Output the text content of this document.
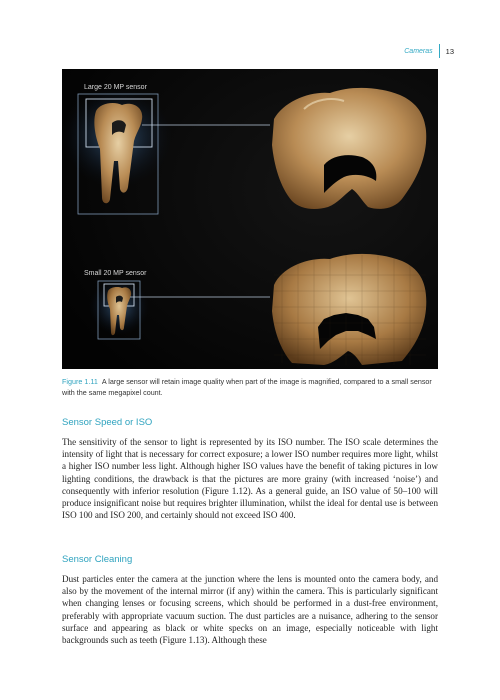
Cameras 13
Small 20 MP sensor
Large 20 MP sensor
Figure 1.11 A large sensor will retain image quality when part of the image is magnified, compared to a small sensor with the same megapixel count.
Sensor Speed or ISO
The sensitivity of the sensor to light is represented by its ISO number. The ISO scale determines the intensity of light that is necessary for correct exposure; a lower ISO number requires more light, whilst a higher ISO number less light. Although higher ISO values have the benefit of taking pictures in low lighting conditions, the drawback is that the pictures are more grainy (with increased ‘noise’) and consequently with inferior resolution (Figure 1.12). As a general guide, an ISO value of 50–100 will produce insignificant noise but requires brighter illumination, whilst the ideal for dental use is between ISO 100 and ISO 200, and certainly should not exceed ISO 400.
Sensor Cleaning
Dust particles enter the camera at the junction where the lens is mounted onto the camera body, and also by the movement of the internal mirror (if any) within the camera. This is particularly significant when changing lenses or focusing screens, which should be performed in a dust-free environment, preferably with appropriate vacuum suction. The dust particles are a nuisance, adhering to the sensor surface and appearing as black or white specks on an image, especially noticeable with light backgrounds such as teeth (Figure 1.13). Although these
